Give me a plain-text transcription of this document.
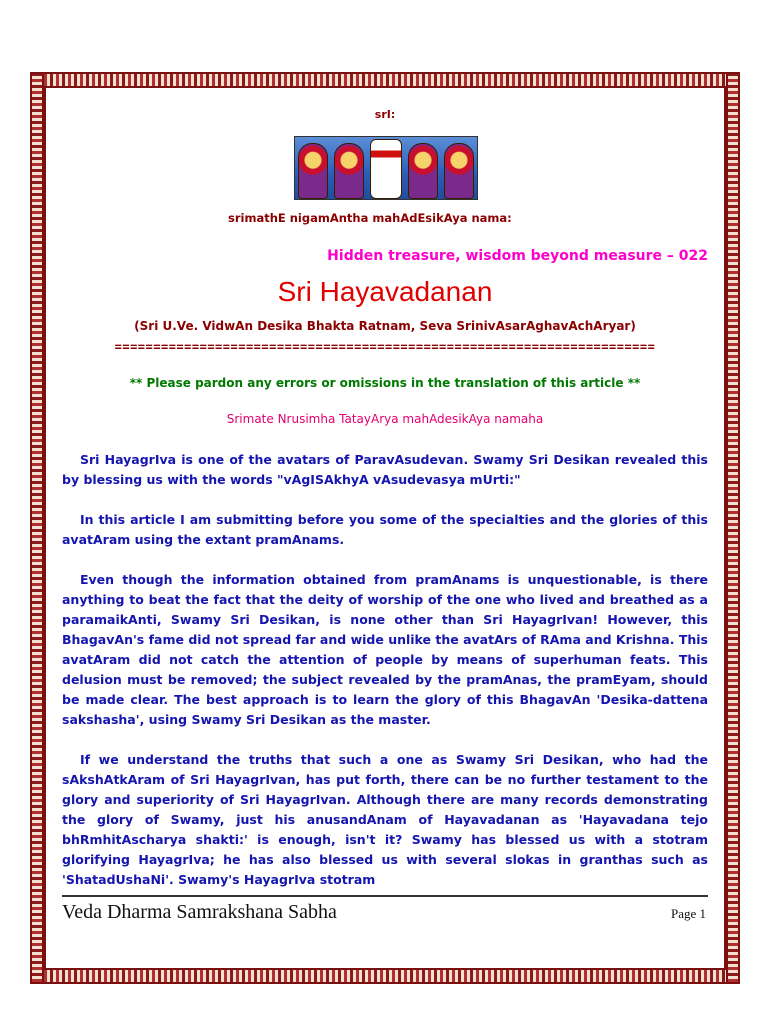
srI:
srimathE nigamAntha mahAdEsikAya nama:
Hidden treasure, wisdom beyond measure – 022
Sri Hayavadanan
(Sri U.Ve. VidwAn Desika Bhakta Ratnam, Seva SrinivAsarAghavAchAryar)
======================================================================
** Please pardon any errors or omissions in the translation of this article **
Srimate Nrusimha TatayArya mahAdesikAya namaha

Sri HayagrIva is one of the avatars of ParavAsudevan. Swamy Sri Desikan revealed this by blessing us with the words "vAgISAkhyA vAsudevasya mUrti:"

In this article I am submitting before you some of the specialties and the glories of this avatAram using the extant pramAnams.

Even though the information obtained from pramAnams is unquestionable, is there anything to beat the fact that the deity of worship of the one who lived and breathed as a paramaikAnti, Swamy Sri Desikan, is none other than Sri HayagrIvan! However, this BhagavAn's fame did not spread far and wide unlike the avatArs of RAma and Krishna. This avatAram did not catch the attention of people by means of superhuman feats. This delusion must be removed; the subject revealed by the pramAnas, the pramEyam, should be made clear. The best approach is to learn the glory of this BhagavAn 'Desika-dattena sakshasha', using Swamy Sri Desikan as the master.

If we understand the truths that such a one as Swamy Sri Desikan, who had the sAkshAtkAram of Sri HayagrIvan, has put forth, there can be no further testament to the glory and superiority of Sri HayagrIvan. Although there are many records demonstrating the glory of Swamy, just his anusandAnam of Hayavadanan as 'Hayavadana tejo bhRmhitAscharya shakti:' is enough, isn't it? Swamy has blessed us with a stotram glorifying HayagrIva; he has also blessed us with several slokas in granthas such as 'ShatadUshaNi'. Swamy's HayagrIva stotram

Veda Dharma Samrakshana Sabha	Page 1
